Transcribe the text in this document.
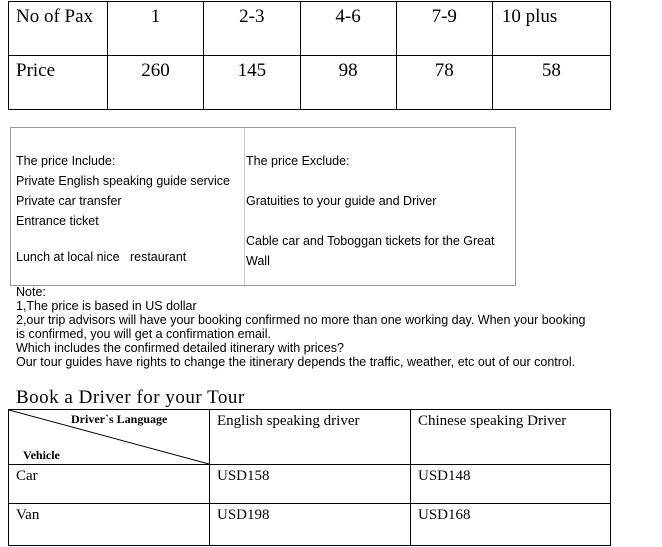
No of Pax	1	2-3	4-6	7-9	10 plus
Price	260	145	98	78	58
The price Include:
Private English speaking guide service
Private car transfer
Entrance ticket
Lunch at local nice   restaurant
The price Exclude:
Gratuities to your guide and Driver
Cable car and Toboggan tickets for the Great
Wall
Note:
1,The price is based in US dollar
2,our trip advisors will have your booking confirmed no more than one working day. When your booking is confirmed, you will get a confirmation email.
Which includes the confirmed detailed itinerary with prices?
Our tour guides have rights to change the itinerary depends the traffic, weather, etc out of our control.
Book a Driver for your Tour
Driver`s Language
Vehicle	English speaking driver	Chinese speaking Driver

Car	USD158	USD148

Van	USD198	USD168
